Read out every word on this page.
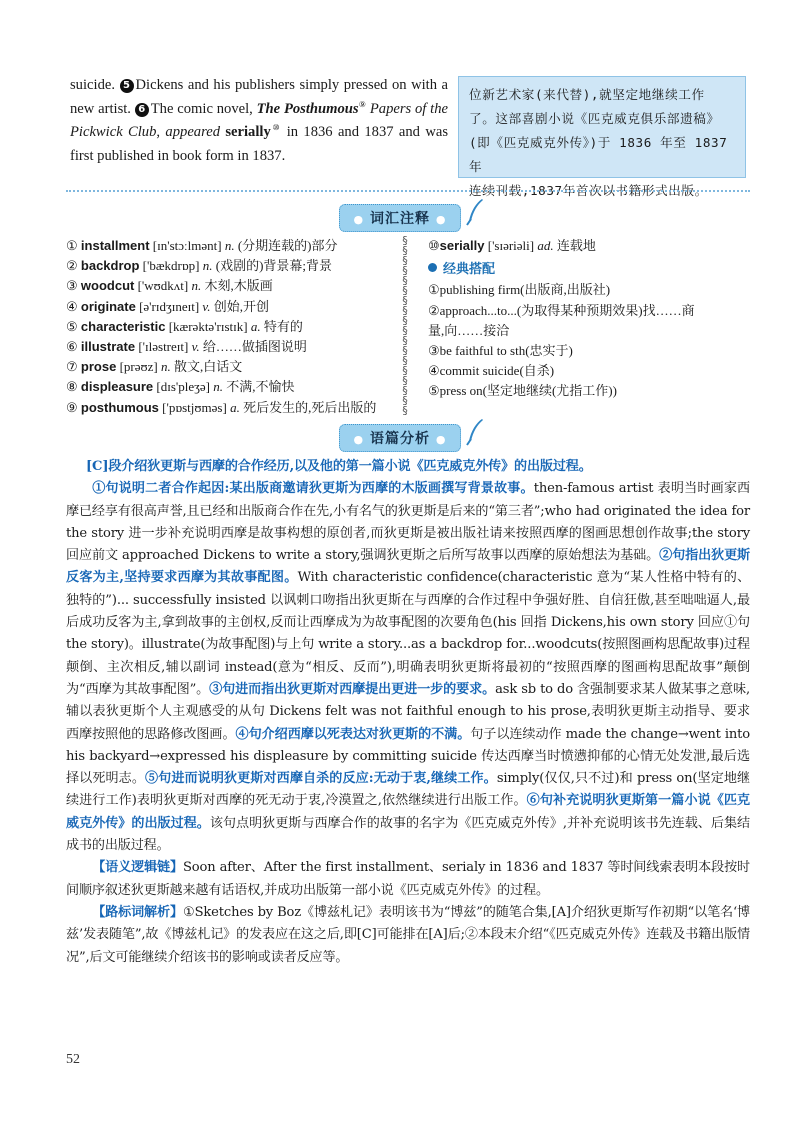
suicide. 5 Dickens and his publishers simply pressed on with a new artist. 6 The comic novel, The Posthumous⑨ Papers of the Pickwick Club, appeared serially⑩ in 1836 and 1837 and was first published in book form in 1837.
位新艺术家(来代替),就坚定地继续工作
了。这部喜剧小说《匹克威克俱乐部遗稿》
(即《匹克威克外传》)于 1836 年至 1837 年
连续刊载,1837年首次以书籍形式出版。
● 词汇注释 ●
① installment [ɪn'stɔːlmənt] n. (分期连载的)部分
② backdrop ['bækdrɒp] n. (戏剧的)背景幕;背景
③ woodcut ['wʊdkʌt] n. 木刻,木版画
④ originate [ə'rɪdʒɪneɪt] v. 创始,开创
⑤ characteristic [kærəktə'rɪstɪk] a. 特有的
⑥ illustrate ['ɪləstreɪt] v. 给……做插图说明
⑦ prose [prəʊz] n. 散文,白话文
⑧ displeasure [dɪs'pleʒə] n. 不满,不愉快
⑨ posthumous ['pɒstjʊməs] a. 死后发生的,死后出版的
§
§
§
§
§
§
§
§
§
§
§
§
§
§
§
§
§
§
⑩serially ['sɪəriəli] ad. 连载地
经典搭配
①publishing firm(出版商,出版社)
②approach...to...(为取得某种预期效果)找……商
量,向……接洽
③be faithful to sth(忠实于)
④commit suicide(自杀)
⑤press on(坚定地继续(尤指工作))
● 语篇分析 ●

[C]段介绍狄更斯与西摩的合作经历,以及他的第一篇小说《匹克威克外传》的出版过程。

①句说明二者合作起因:某出版商邀请狄更斯为西摩的木版画撰写背景故事。then-famous artist 表明当时画家西摩已经享有很高声誉,且已经和出版商合作在先,小有名气的狄更斯是后来的“第三者”;who had originated the idea for the story 进一步补充说明西摩是故事构想的原创者,而狄更斯是被出版社请来按照西摩的图画思想创作故事;the story 回应前文 approached Dickens to write a story,强调狄更斯之后所写故事以西摩的原始想法为基础。②句指出狄更斯反客为主,坚持要求西摩为其故事配图。With characteristic confidence(characteristic 意为“某人性格中特有的、独特的”)... successfully insisted 以讽刺口吻指出狄更斯在与西摩的合作过程中争强好胜、自信狂傲,甚至咄咄逼人,最后成功反客为主,拿到故事的主创权,反而让西摩成为为故事配图的次要角色(his 回指 Dickens,his own story 回应①句 the story)。illustrate(为故事配图)与上句 write a story...as a backdrop for...woodcuts(按照图画构思配故事)过程颠倒、主次相反,辅以副词 instead(意为“相反、反而”),明确表明狄更斯将最初的“按照西摩的图画构思配故事”颠倒为“西摩为其故事配图”。③句进而指出狄更斯对西摩提出更进一步的要求。ask sb to do 含强制要求某人做某事之意味,辅以表狄更斯个人主观感受的从句 Dickens felt was not faithful enough to his prose,表明狄更斯主动指导、要求西摩按照他的思路修改图画。④句介绍西摩以死表达对狄更斯的不满。句子以连续动作 made the change→went into his backyard→expressed his displeasure by committing suicide 传达西摩当时愤懑抑郁的心情无处发泄,最后选择以死明志。⑤句进而说明狄更斯对西摩自杀的反应:无动于衷,继续工作。simply(仅仅,只不过)和 press on(坚定地继续进行工作)表明狄更斯对西摩的死无动于衷,冷漠置之,依然继续进行出版工作。⑥句补充说明狄更斯第一篇小说《匹克威克外传》的出版过程。该句点明狄更斯与西摩合作的故事的名字为《匹克威克外传》,并补充说明该书先连载、后集结成书的出版过程。

【语义逻辑链】Soon after、After the first installment、serialy in 1836 and 1837 等时间线索表明本段按时间顺序叙述狄更斯越来越有话语权,并成功出版第一部小说《匹克威克外传》的过程。

【路标词解析】①Sketches by Boz《博兹札记》表明该书为“博兹”的随笔合集,[A]介绍狄更斯写作初期“以笔名‘博兹’发表随笔”,故《博兹札记》的发表应在这之后,即[C]可能排在[A]后;②本段末介绍“《匹克威克外传》连载及书籍出版情况”,后文可能继续介绍该书的影响或读者反应等。

52
